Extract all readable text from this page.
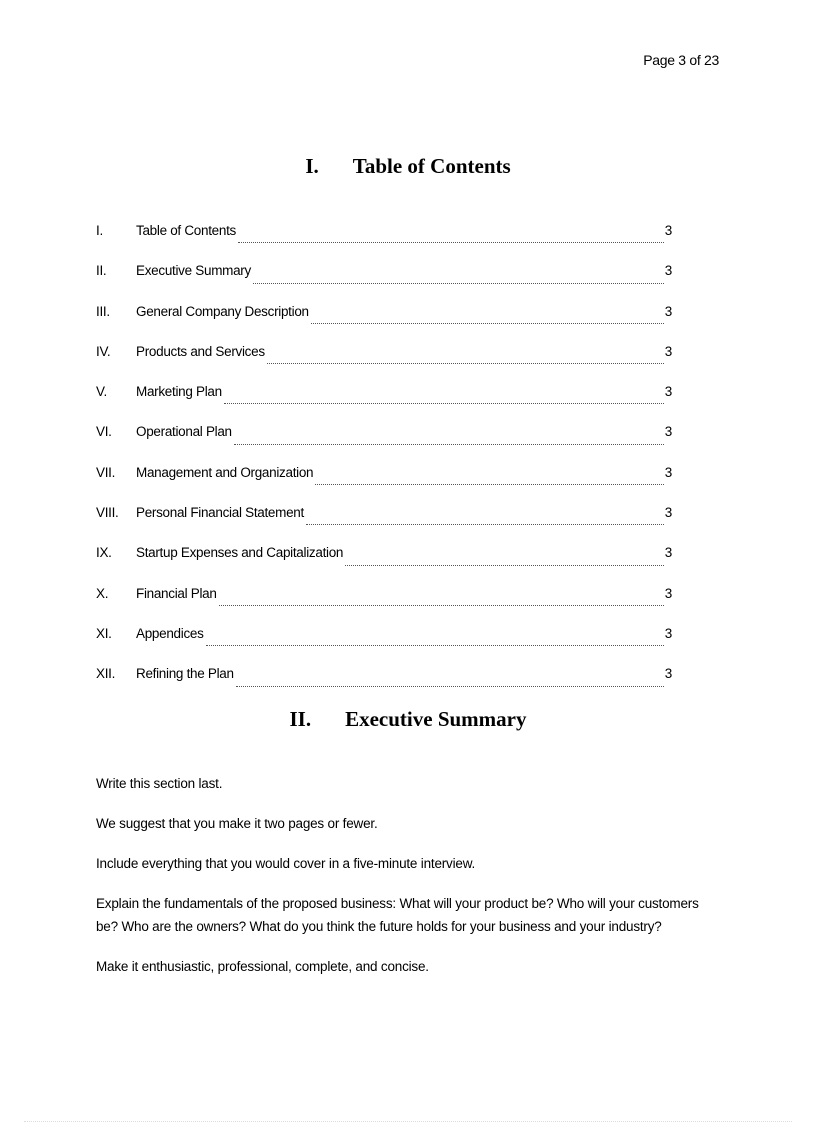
Page 3 of 23
I. Table of Contents
I.	Table of Contents	3
II.	Executive Summary	3
III.	General Company Description	3
IV.	Products and Services	3
V.	Marketing Plan	3
VI.	Operational Plan	3
VII.	Management and Organization	3
VIII.	Personal Financial Statement	3
IX.	Startup Expenses and Capitalization	3
X.	Financial Plan	3
XI.	Appendices	3
XII.	Refining the Plan	3
II. Executive Summary

Write this section last.

We suggest that you make it two pages or fewer.

Include everything that you would cover in a five-minute interview.

Explain the fundamentals of the proposed business: What will your product be? Who will your customers be? Who are the owners? What do you think the future holds for your business and your industry?

Make it enthusiastic, professional, complete, and concise.
